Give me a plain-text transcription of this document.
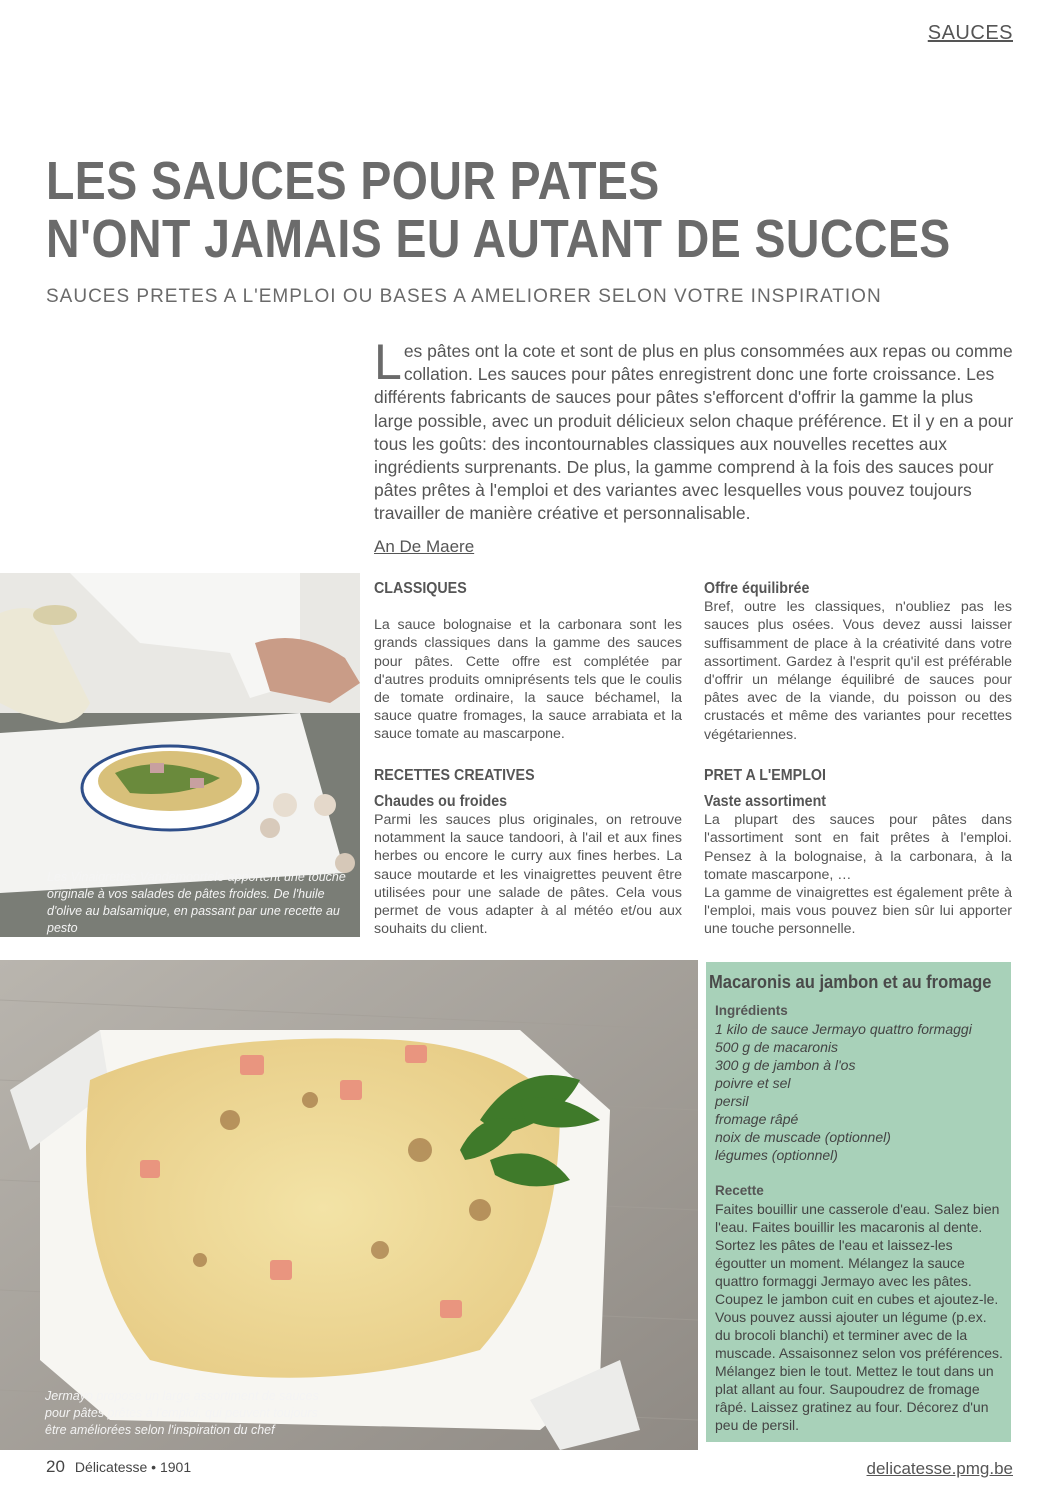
SAUCES
LES SAUCES POUR PATES
N'ONT JAMAIS EU AUTANT DE SUCCES
SAUCES PRETES A L'EMPLOI OU BASES A AMELIORER SELON VOTRE INSPIRATION
Les pâtes ont la cote et sont de plus en plus consommées aux repas ou comme collation. Les sauces pour pâtes enregistrent donc une forte croissance. Les différents fabricants de sauces pour pâtes s'efforcent d'offrir la gamme la plus large possible, avec un produit délicieux selon chaque préférence. Et il y en a pour tous les goûts: des incontournables classiques aux nouvelles recettes aux ingrédients surprenants. De plus, la gamme comprend à la fois des sauces pour pâtes prêtes à l'emploi et des variantes avec lesquelles vous pouvez toujours travailler de manière créative et personnalisable.
An De Maere
Les Vinaigrettes Vandemoortele apportent une touche originale à vos salades de pâtes froides. De l'huile d'olive au balsamique, en passant par une recette au pesto
CLASSIQUES

La sauce bolognaise et la carbonara sont les grands classiques dans la gamme des sauces pour pâtes. Cette offre est complétée par d'autres produits omniprésents tels que le coulis de tomate ordinaire, la sauce béchamel, la sauce quatre fromages, la sauce arrabiata et la sauce tomate au mascarpone.

RECETTES CREATIVES
Chaudes ou froides

Parmi les sauces plus originales, on retrouve notamment la sauce tandoori, à l'ail et aux fines herbes ou encore le curry aux fines herbes. La sauce moutarde et les vinaigrettes peuvent être utilisées pour une salade de pâtes. Cela vous permet de vous adapter à al météo et/ou aux souhaits du client.

Offre équilibrée

Bref, outre les classiques, n'oubliez pas les sauces plus osées. Vous devez aussi laisser suffisamment de place à la créativité dans votre assortiment. Gardez à l'esprit qu'il est préférable d'offrir un mélange équilibré de sauces pour pâtes avec de la viande, du poisson ou des crustacés et même des variantes pour recettes végétariennes.

PRET A L'EMPLOI
Vaste assortiment

La plupart des sauces pour pâtes dans l'assortiment sont en fait prêtes à l'emploi. Pensez à la bolognaise, à la carbonara, à la tomate mascarpone, …

La gamme de vinaigrettes est également prête à l'emploi, mais vous pouvez bien sûr lui apporter une touche personnelle.

Jermayo propose un large assortiment de sauces pour pâtes prêtes à l'emploi, qui peuvent toujours être améliorées selon l'inspiration du chef
Macaronis au jambon et au fromage
Ingrédients
1 kilo de sauce Jermayo quattro formaggi
500 g de macaronis
300 g de jambon à l'os
poivre et sel
persil
fromage râpé
noix de muscade (optionnel)
légumes (optionnel)
Recette
Faites bouillir une casserole d'eau. Salez bien l'eau. Faites bouillir les macaronis al dente. Sortez les pâtes de l'eau et laissez-les égoutter un moment. Mélangez la sauce quattro formaggi Jermayo avec les pâtes. Coupez le jambon cuit en cubes et ajoutez-le. Vous pouvez aussi ajouter un légume (p.ex. du brocoli blanchi) et terminer avec de la muscade. Assaisonnez selon vos préférences. Mélangez bien le tout. Mettez le tout dans un plat allant au four. Saupoudrez de fromage râpé. Laissez gratinez au four. Décorez d'un peu de persil.
20 Délicatesse • 1901	delicatesse.pmg.be
